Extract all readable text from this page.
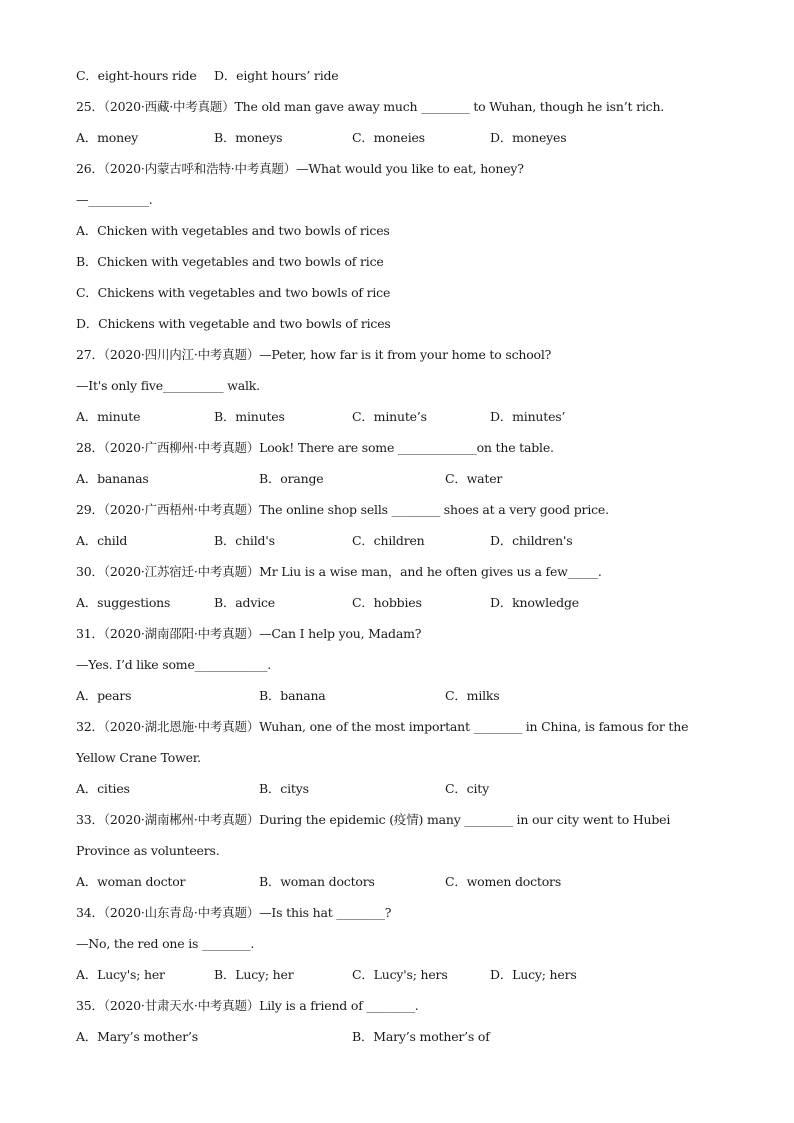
C．eight-hours ride D．eight hours’ ride
25．（2020·西藏·中考真题）The old man gave away much ________ to Wuhan, though he isn’t rich.
A．money	B．moneys	C．moneies	D．moneyes
26．（2020·内蒙古呼和浩特·中考真题）—What would you like to eat, honey?
—__________.
A．Chicken with vegetables and two bowls of rices
B．Chicken with vegetables and two bowls of rice
C．Chickens with vegetables and two bowls of rice
D．Chickens with vegetable and two bowls of rices
27．（2020·四川内江·中考真题）—Peter, how far is it from your home to school?
—It's only five__________ walk.
A．minute	B．minutes	C．minute’s	D．minutes’
28．（2020·广西柳州·中考真题）Look! There are some _____________on the table.
A．bananas	B．orange	C．water
29．（2020·广西梧州·中考真题）The online shop sells ________ shoes at a very good price.
A．child	B．child's	C．children	D．children's
30．（2020·江苏宿迁·中考真题）Mr Liu is a wise man，and he often gives us a few_____.
A．suggestions	B．advice	C．hobbies	D．knowledge
31．（2020·湖南邵阳·中考真题）—Can I help you, Madam?
—Yes. I’d like some____________.
A．pears	B．banana	C．milks
32．（2020·湖北恩施·中考真题）Wuhan, one of the most important ________ in China, is famous for the
Yellow Crane Tower.
A．cities	B．citys	C．city
33．（2020·湖南郴州·中考真题）During the epidemic (疫情) many ________ in our city went to Hubei
Province as volunteers.
A．woman doctor	B．woman doctors	C．women doctors
34．（2020·山东青岛·中考真题）—Is this hat ________?
—No, the red one is ________.
A．Lucy's; her	B．Lucy; her	C．Lucy's; hers	D．Lucy; hers
35．（2020·甘肃天水·中考真题）Lily is a friend of ________.
A．Mary’s mother’s	B．Mary’s mother’s of
